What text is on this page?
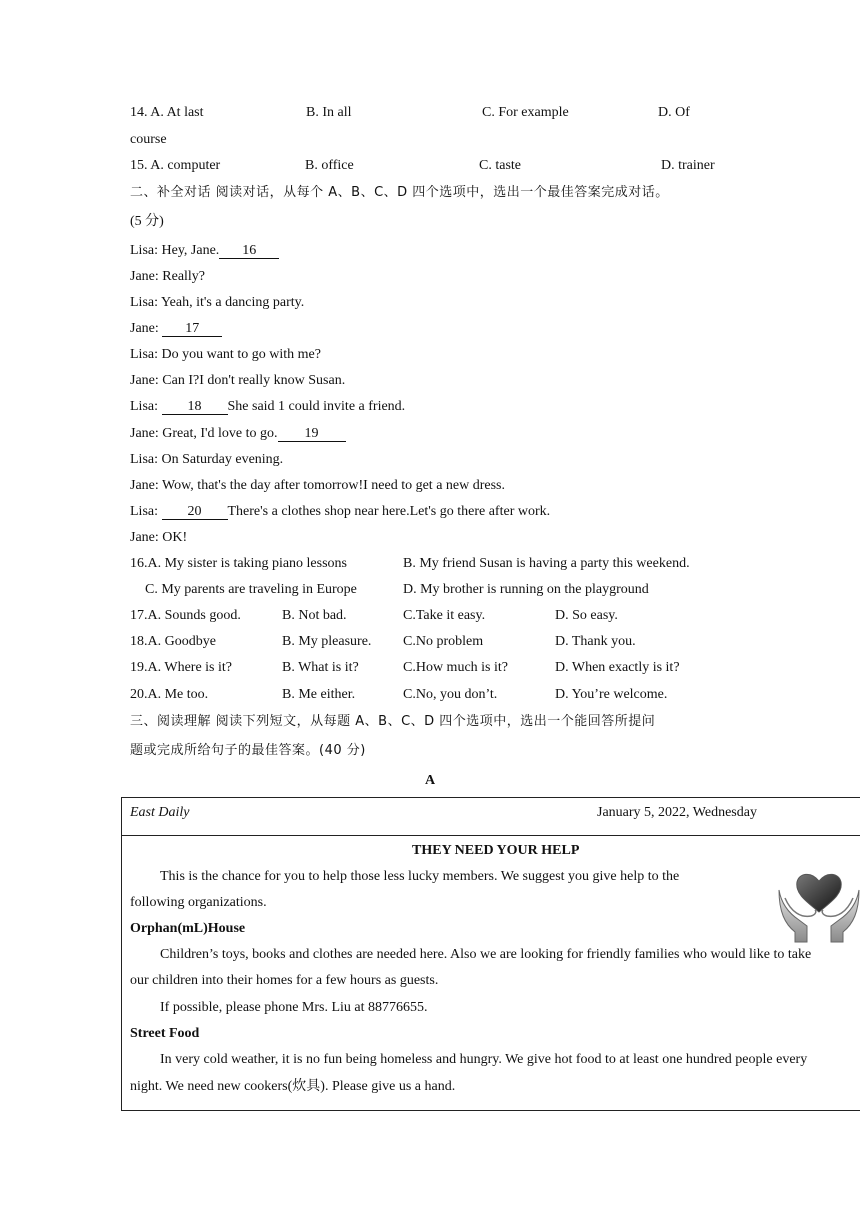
14. A. At last	B. In all	C. For example	D. Of
course
15. A. computer	B. office	C. taste	D. trainer
二、补全对话 阅读对话，从每个 A、B、C、D 四个选项中，选出一个最佳答案完成对话。
(5 分)
Lisa: Hey, Jane. 16
Jane: Really?
Lisa: Yeah, it's a dancing party.
Jane: 17
Lisa: Do you want to go with me?
Jane: Can I?I don't really know Susan.
Lisa: 18 She said 1 could invite a friend.
Jane: Great, I'd love to go. 19
Lisa: On Saturday evening.
Jane: Wow, that's the day after tomorrow!I need to get a new dress.
Lisa: 20 There's a clothes shop near here.Let's go there after work.
Jane: OK!
16.A. My sister is taking piano lessons	B. My friend Susan is having a party this weekend.
C. My parents are traveling in Europe	D. My brother is running on the playground
17.A. Sounds good.	B. Not bad.	C.Take it easy.	D. So easy.
18.A. Goodbye	B. My pleasure. C.No problem	D. Thank you.
19.A. Where is it?	B. What is it?	C.How much is it?	D. When exactly is it?
20.A. Me too.	B. Me either.	C.No, you don’t.	D. You’re welcome.
三、阅读理解 阅读下列短文，从每题 A、B、C、D 四个选项中，选出一个能回答所提问
题或完成所给句子的最佳答案。(40 分)
A
East Daily	January 5, 2022, Wednesday
THEY NEED YOUR HELP
This is the chance for you to help those less lucky members. We suggest you give help to the
following organizations.
Orphan(mL)House
Children’s toys, books and clothes are needed here. Also we are looking for friendly families who would like to take
our children into their homes for a few hours as guests.
If possible, please phone Mrs. Liu at 88776655.
Street Food
In very cold weather, it is no fun being homeless and hungry. We give hot food to at least one hundred people every
night. We need new cookers(炊具). Please give us a hand.
